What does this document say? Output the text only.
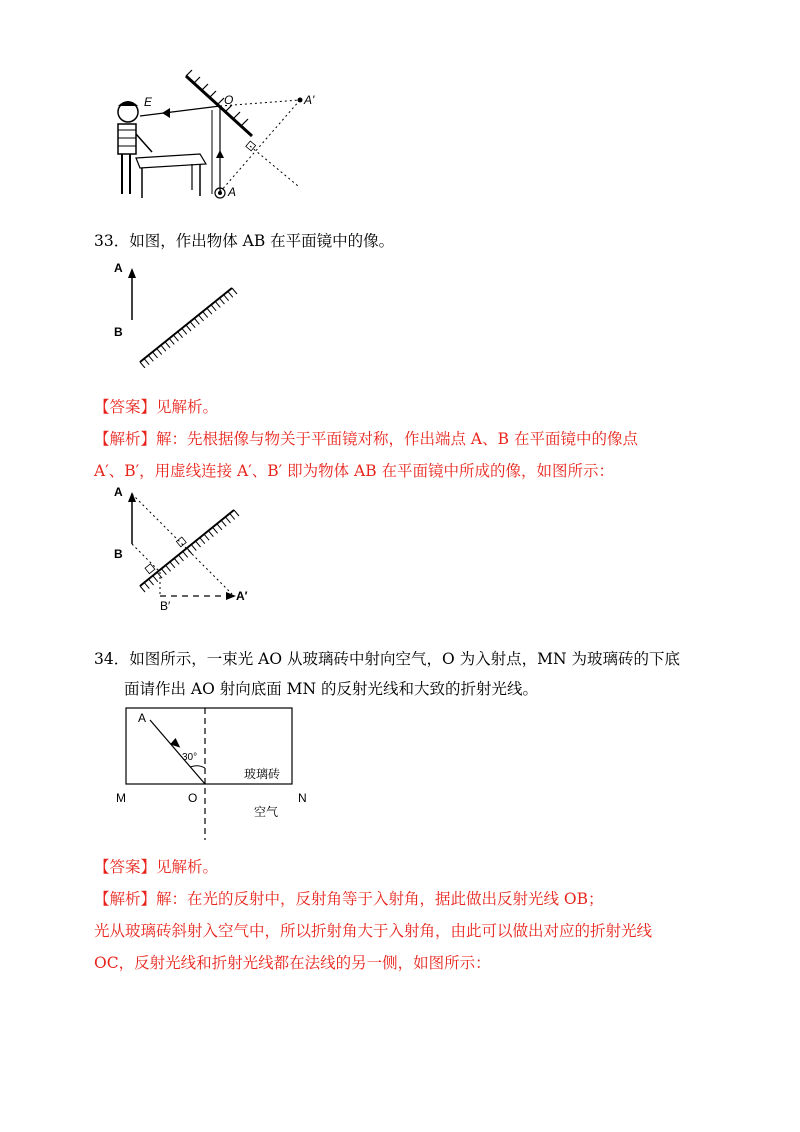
E	O	A'
A
33．如图，作出物体 AB 在平面镜中的像。
A
B
【答案】见解析。
【解析】解：先根据像与物关于平面镜对称，作出端点 A、B 在平面镜中的像点
A′、B′，用虚线连接 A′、B′ 即为物体 AB 在平面镜中所成的像，如图所示：
A
B
A′
B′
34．如图所示，一束光 AO 从玻璃砖中射向空气，O 为入射点，MN 为玻璃砖的下底
面请作出 AO 射向底面 MN 的反射光线和大致的折射光线。
A
30°
玻璃砖
M	O	N
空气
【答案】见解析。
【解析】解：在光的反射中，反射角等于入射角，据此做出反射光线 OB；
光从玻璃砖斜射入空气中，所以折射角大于入射角，由此可以做出对应的折射光线
OC，反射光线和折射光线都在法线的另一侧，如图所示：
